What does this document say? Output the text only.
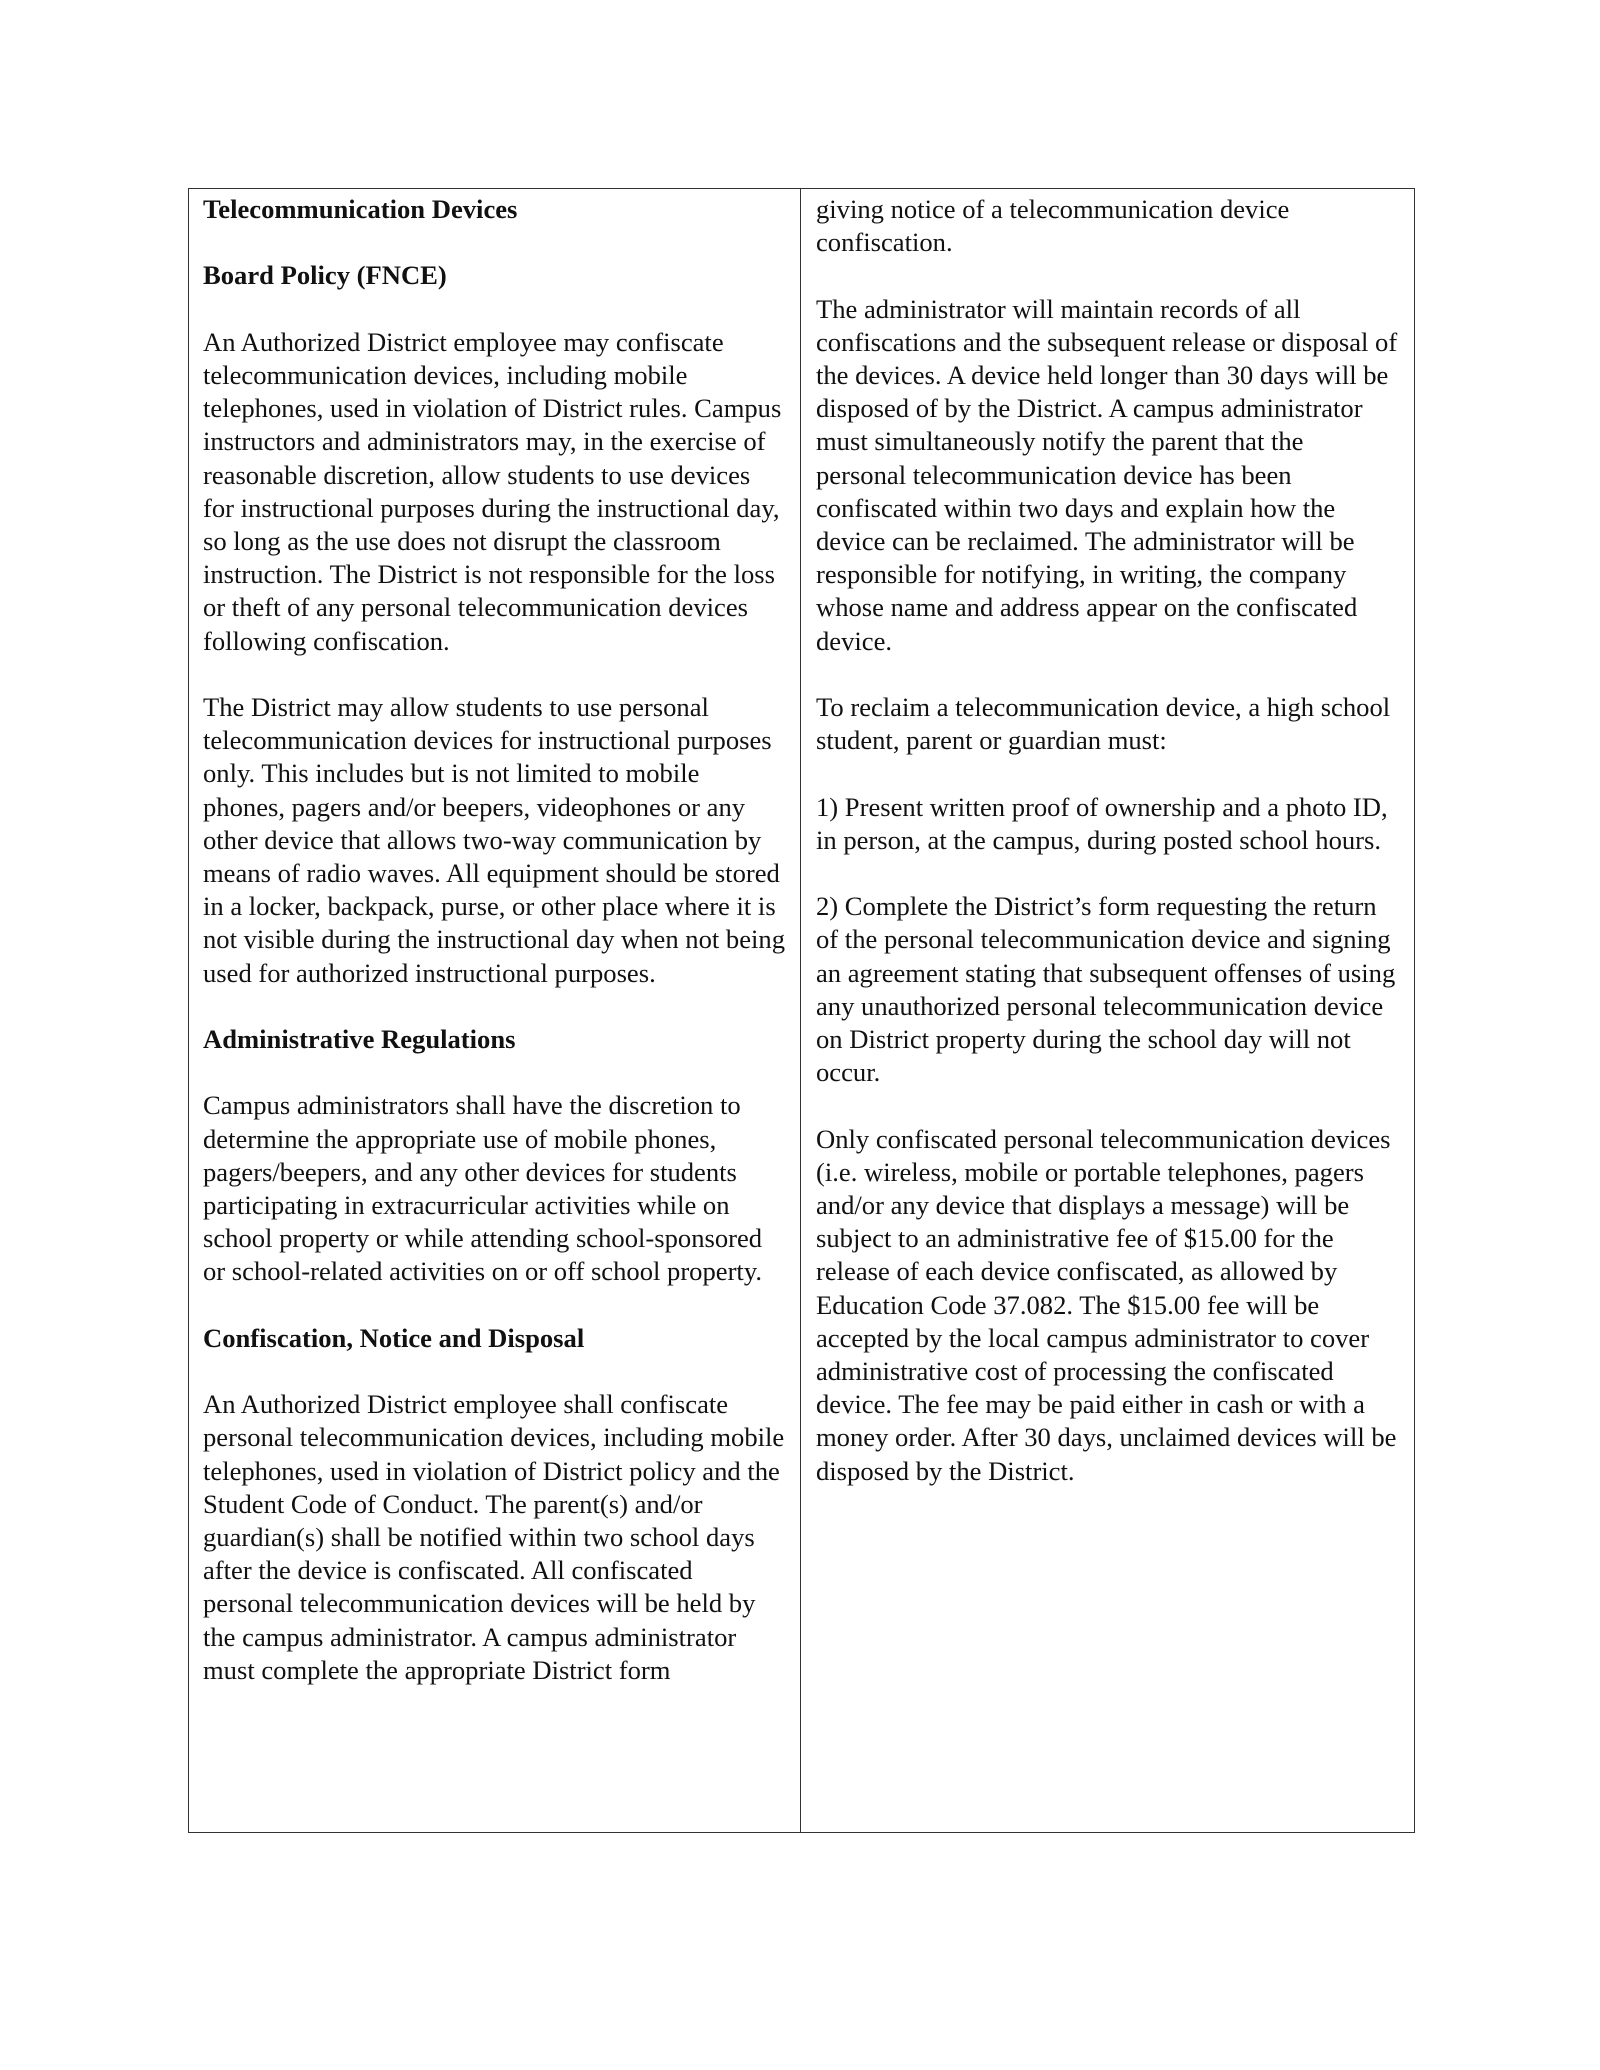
Telecommunication Devices

Board Policy (FNCE)

An Authorized District employee may confiscate telecommunication devices, including mobile telephones, used in violation of District rules. Campus instructors and administrators may, in the exercise of reasonable discretion, allow students to use devices for instructional purposes during the instructional day, so long as the use does not disrupt the classroom instruction. The District is not responsible for the loss or theft of any personal telecommunication devices following confiscation.

The District may allow students to use personal telecommunication devices for instructional purposes only. This includes but is not limited to mobile phones, pagers and/or beepers, videophones or any other device that allows two-way communication by means of radio waves. All equipment should be stored in a locker, backpack, purse, or other place where it is not visible during the instructional day when not being used for authorized instructional purposes.

Administrative Regulations

Campus administrators shall have the discretion to determine the appropriate use of mobile phones, pagers/beepers, and any other devices for students participating in extracurricular activities while on school property or while attending school-sponsored or school-related activities on or off school property.

Confiscation, Notice and Disposal

An Authorized District employee shall confiscate personal telecommunication devices, including mobile telephones, used in violation of District policy and the Student Code of Conduct. The parent(s) and/or guardian(s) shall be notified within two school days after the device is confiscated. All confiscated personal telecommunication devices will be held by the campus administrator. A campus administrator must complete the appropriate District form

giving notice of a telecommunication device confiscation.

The administrator will maintain records of all confiscations and the subsequent release or disposal of the devices. A device held longer than 30 days will be disposed of by the District. A campus administrator must simultaneously notify the parent that the personal telecommunication device has been confiscated within two days and explain how the device can be reclaimed. The administrator will be responsible for notifying, in writing, the company whose name and address appear on the confiscated device.

To reclaim a telecommunication device, a high school student, parent or guardian must:

1) Present written proof of ownership and a photo ID, in person, at the campus, during posted school hours.

2) Complete the District’s form requesting the return of the personal telecommunication device and signing an agreement stating that subsequent offenses of using any unauthorized personal telecommunication device on District property during the school day will not occur.

Only confiscated personal telecommunication devices (i.e. wireless, mobile or portable telephones, pagers and/or any device that displays a message) will be subject to an administrative fee of $15.00 for the release of each device confiscated, as allowed by Education Code 37.082. The $15.00 fee will be accepted by the local campus administrator to cover administrative cost of processing the confiscated device. The fee may be paid either in cash or with a money order. After 30 days, unclaimed devices will be disposed by the District.
